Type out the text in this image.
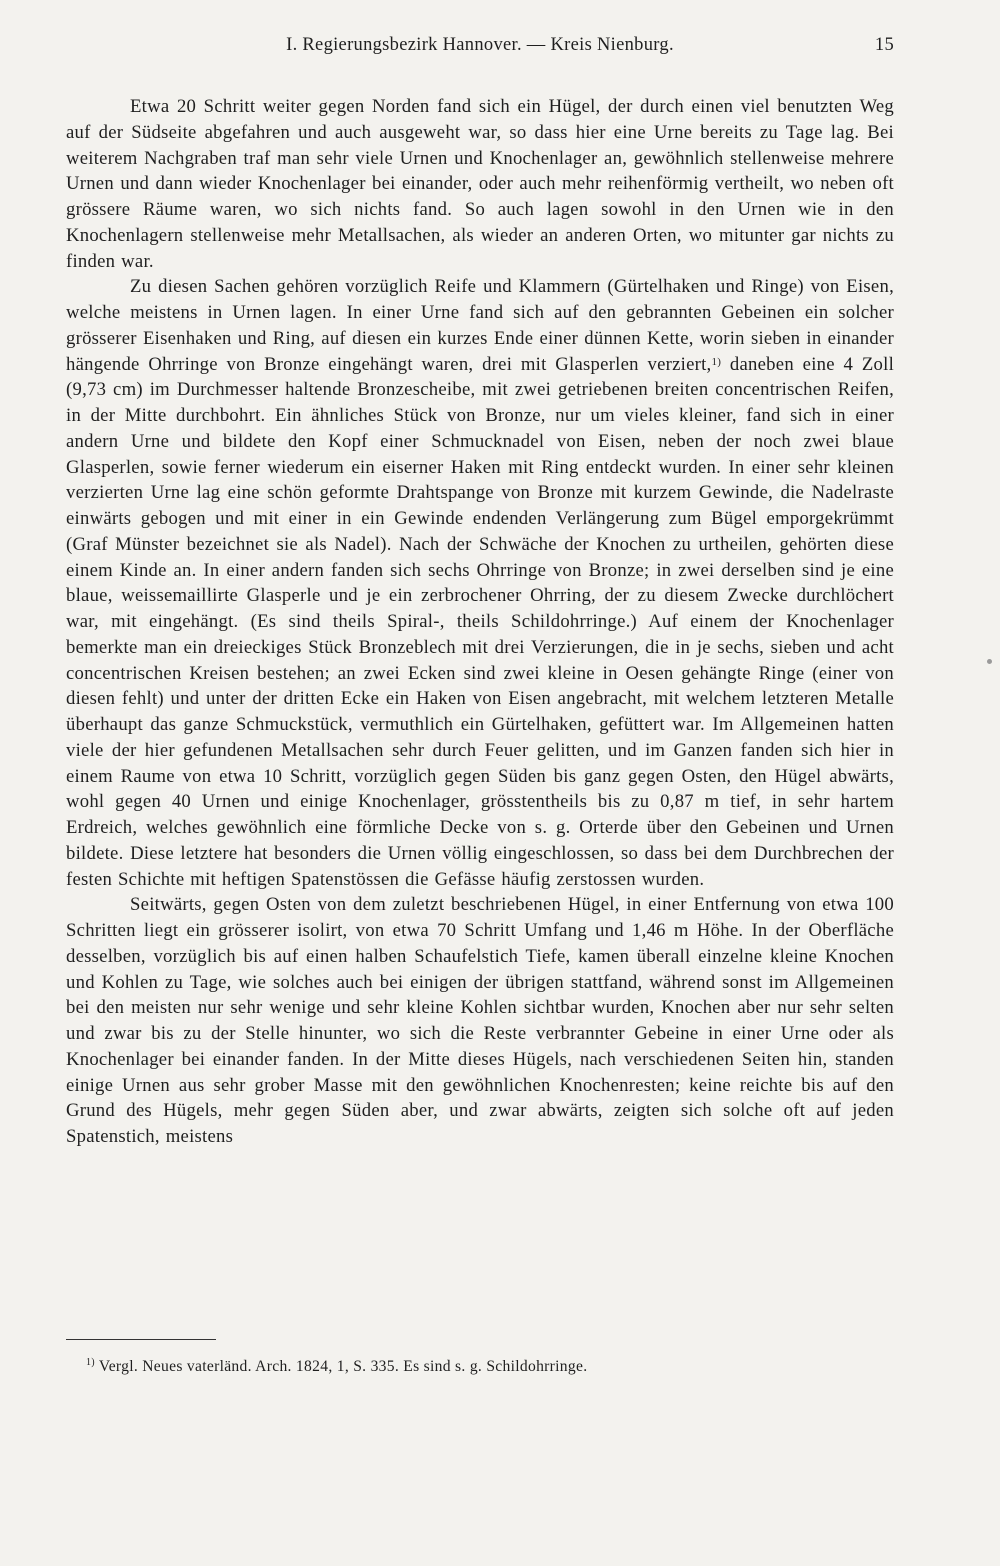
I. Regierungsbezirk Hannover. — Kreis Nienburg.	15

Etwa 20 Schritt weiter gegen Norden fand sich ein Hügel, der durch einen viel benutzten Weg auf der Südseite abgefahren und auch ausgeweht war, so dass hier eine Urne bereits zu Tage lag. Bei weiterem Nachgraben traf man sehr viele Urnen und Knochenlager an, gewöhnlich stellenweise mehrere Urnen und dann wieder Knochenlager bei einander, oder auch mehr reihenförmig vertheilt, wo neben oft grössere Räume waren, wo sich nichts fand. So auch lagen sowohl in den Urnen wie in den Knochenlagern stellenweise mehr Metallsachen, als wieder an anderen Orten, wo mitunter gar nichts zu finden war.

Zu diesen Sachen gehören vorzüglich Reife und Klammern (Gürtelhaken und Ringe) von Eisen, welche meistens in Urnen lagen. In einer Urne fand sich auf den gebrannten Gebeinen ein solcher grösserer Eisenhaken und Ring, auf diesen ein kurzes Ende einer dünnen Kette, worin sieben in einander hängende Ohrringe von Bronze eingehängt waren, drei mit Glasperlen verziert,$^{1)}$ daneben eine 4 Zoll (9,73 cm) im Durchmesser haltende Bronzescheibe, mit zwei getriebenen breiten concentrischen Reifen, in der Mitte durchbohrt. Ein ähnliches Stück von Bronze, nur um vieles kleiner, fand sich in einer andern Urne und bildete den Kopf einer Schmucknadel von Eisen, neben der noch zwei blaue Glasperlen, sowie ferner wiederum ein eiserner Haken mit Ring entdeckt wurden. In einer sehr kleinen verzierten Urne lag eine schön geformte Drahtspange von Bronze mit kurzem Gewinde, die Nadelraste einwärts gebogen und mit einer in ein Gewinde endenden Verlängerung zum Bügel emporgekrümmt (Graf Münster bezeichnet sie als Nadel). Nach der Schwäche der Knochen zu urtheilen, gehörten diese einem Kinde an. In einer andern fanden sich sechs Ohrringe von Bronze; in zwei derselben sind je eine blaue, weissemaillirte Glasperle und je ein zerbrochener Ohrring, der zu diesem Zwecke durchlöchert war, mit eingehängt. (Es sind theils Spiral-, theils Schildohrringe.) Auf einem der Knochenlager bemerkte man ein dreieckiges Stück Bronzeblech mit drei Verzierungen, die in je sechs, sieben und acht concentrischen Kreisen bestehen; an zwei Ecken sind zwei kleine in Oesen gehängte Ringe (einer von diesen fehlt) und unter der dritten Ecke ein Haken von Eisen angebracht, mit welchem letzteren Metalle überhaupt das ganze Schmuckstück, vermuthlich ein Gürtelhaken, gefüttert war. Im Allgemeinen hatten viele der hier gefundenen Metallsachen sehr durch Feuer gelitten, und im Ganzen fanden sich hier in einem Raume von etwa 10 Schritt, vorzüglich gegen Süden bis ganz gegen Osten, den Hügel abwärts, wohl gegen 40 Urnen und einige Knochenlager, grösstentheils bis zu 0,87 m tief, in sehr hartem Erdreich, welches gewöhnlich eine förmliche Decke von s. g. Orterde über den Gebeinen und Urnen bildete. Diese letztere hat besonders die Urnen völlig eingeschlossen, so dass bei dem Durchbrechen der festen Schichte mit heftigen Spatenstössen die Gefässe häufig zerstossen wurden.

Seitwärts, gegen Osten von dem zuletzt beschriebenen Hügel, in einer Entfernung von etwa 100 Schritten liegt ein grösserer isolirt, von etwa 70 Schritt Umfang und 1,46 m Höhe. In der Oberfläche desselben, vorzüglich bis auf einen halben Schaufelstich Tiefe, kamen überall einzelne kleine Knochen und Kohlen zu Tage, wie solches auch bei einigen der übrigen stattfand, während sonst im Allgemeinen bei den meisten nur sehr wenige und sehr kleine Kohlen sichtbar wurden, Knochen aber nur sehr selten und zwar bis zu der Stelle hinunter, wo sich die Reste verbrannter Gebeine in einer Urne oder als Knochenlager bei einander fanden. In der Mitte dieses Hügels, nach verschiedenen Seiten hin, standen einige Urnen aus sehr grober Masse mit den gewöhnlichen Knochenresten; keine reichte bis auf den Grund des Hügels, mehr gegen Süden aber, und zwar abwärts, zeigten sich solche oft auf jeden Spatenstich, meistens

$^{1)}$ Vergl. Neues vaterländ. Arch. 1824, 1, S. 335. Es sind s. g. Schildohrringe.
